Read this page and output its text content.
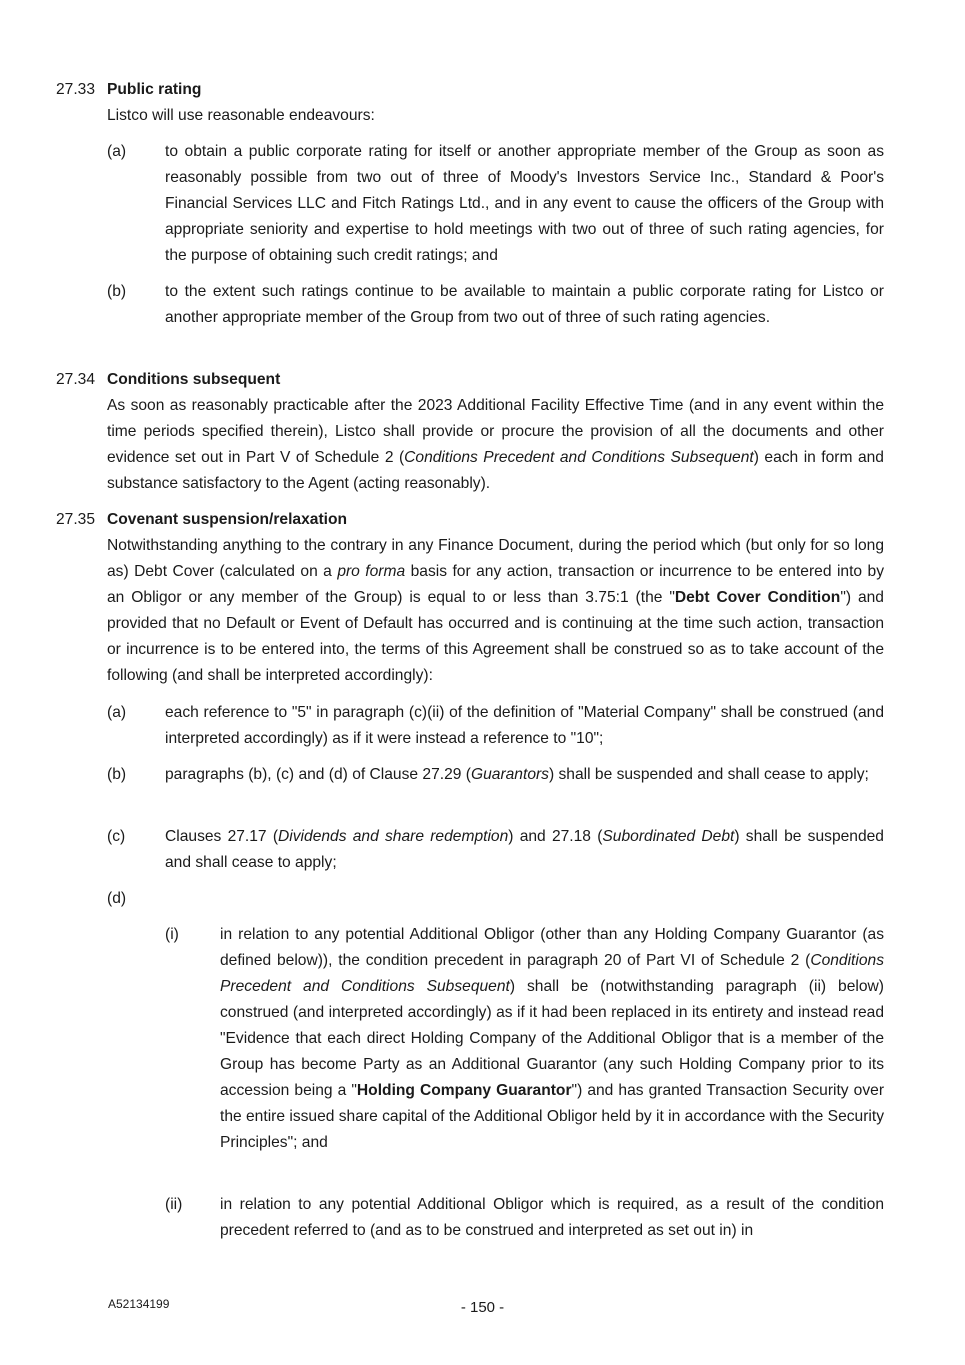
27.33 Public rating
Listco will use reasonable endeavours:
(a) to obtain a public corporate rating for itself or another appropriate member of the Group as soon as reasonably possible from two out of three of Moody's Investors Service Inc., Standard & Poor's Financial Services LLC and Fitch Ratings Ltd., and in any event to cause the officers of the Group with appropriate seniority and expertise to hold meetings with two out of three of such rating agencies, for the purpose of obtaining such credit ratings; and
(b) to the extent such ratings continue to be available to maintain a public corporate rating for Listco or another appropriate member of the Group from two out of three of such rating agencies.
27.34 Conditions subsequent
As soon as reasonably practicable after the 2023 Additional Facility Effective Time (and in any event within the time periods specified therein), Listco shall provide or procure the provision of all the documents and other evidence set out in Part V of Schedule 2 (Conditions Precedent and Conditions Subsequent) each in form and substance satisfactory to the Agent (acting reasonably).
27.35 Covenant suspension/relaxation
Notwithstanding anything to the contrary in any Finance Document, during the period which (but only for so long as) Debt Cover (calculated on a pro forma basis for any action, transaction or incurrence to be entered into by an Obligor or any member of the Group) is equal to or less than 3.75:1 (the "Debt Cover Condition") and provided that no Default or Event of Default has occurred and is continuing at the time such action, transaction or incurrence is to be entered into, the terms of this Agreement shall be construed so as to take account of the following (and shall be interpreted accordingly):
(a) each reference to "5" in paragraph (c)(ii) of the definition of "Material Company" shall be construed (and interpreted accordingly) as if it were instead a reference to "10";
(b) paragraphs (b), (c) and (d) of Clause 27.29 (Guarantors) shall be suspended and shall cease to apply;
(c)	Clauses 27.17 (Dividends and share redemption) and 27.18 (Subordinated Debt) shall be suspended and shall cease to apply;
(d)
(i)	in relation to any potential Additional Obligor (other than any Holding Company Guarantor (as defined below)), the condition precedent in paragraph 20 of Part VI of Schedule 2 (Conditions Precedent and Conditions Subsequent) shall be (notwithstanding paragraph (ii) below) construed (and interpreted accordingly) as if it had been replaced in its entirety and instead read "Evidence that each direct Holding Company of the Additional Obligor that is a member of the Group has become Party as an Additional Guarantor (any such Holding Company prior to its accession being a "Holding Company Guarantor") and has granted Transaction Security over the entire issued share capital of the Additional Obligor held by it in accordance with the Security Principles"; and
(ii) in relation to any potential Additional Obligor which is required, as a result of the condition precedent referred to (and as to be construed and interpreted as set out in) in
A52134199	- 150 -
